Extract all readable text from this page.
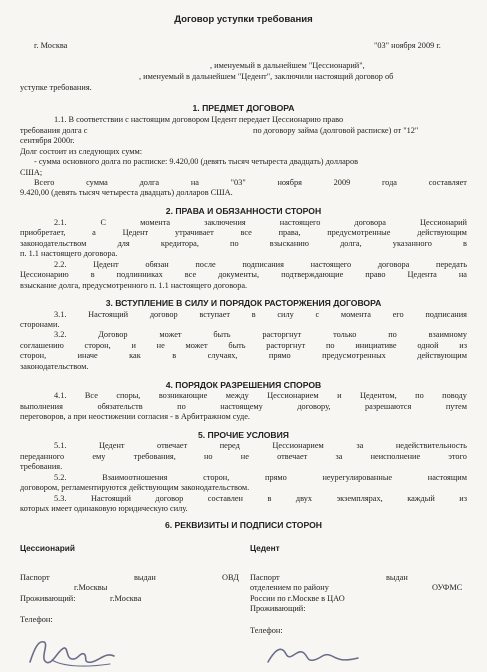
Договор уступки требования
г. Москва	"03" ноября 2009 г.
, именуемый в дальнейшем "Цессионарий",
, именуемый в дальнейшем "Цедент", заключили настоящий договор об
уступке требования.
1. ПРЕДМЕТ ДОГОВОРА
1.1. В соответствии с настоящим договором Цедент передает Цессионарию право
требования долга с	по договору займа (долговой расписке) от "12"
сентября 2000г.
Долг состоит из следующих сумм:
- сумма основного долга по расписке: 9.420,00 (девять тысяч четыреста двадцать) долларов
США;
Всего	сумма	долга	на	"03"	ноября	2009	года	составляет
9.420,00 (девять тысяч четыреста двадцать) долларов США.
2. ПРАВА И ОБЯЗАННОСТИ СТОРОН
2.1.	С	момента	заключения	настоящего	договора	Цессионарий
приобретает,	а	Цедент	утрачивает	все	права,	предусмотренные	действующим
законодательством	для	кредитора,	по	взысканию	долга,	указанного	в
п. 1.1 настоящего договора.
2.2.	Цедент	обязан	после	подписания	настоящего	договора	передать
Цессионарию	в	подлинниках	все	документы,	подтверждающие	право	Цедента	на
взыскание долга, предусмотренного п. 1.1 настоящего договора.
3. ВСТУПЛЕНИЕ В СИЛУ И ПОРЯДОК РАСТОРЖЕНИЯ ДОГОВОРА
3.1.	Настоящий	договор	вступает	в	силу	с	момента	его	подписания
сторонами.
3.2.	Договор	может	быть	расторгнут	только	по	взаимному
соглашению сторон, и не может быть расторгнут по инициативе одной из
сторон,	иначе	как	в	случаях,	прямо	предусмотренных	действующим
законодательством.
4. ПОРЯДОК РАЗРЕШЕНИЯ СПОРОВ
4.1. Все споры, возникающие между Цессионарием и Цедентом, по поводу
выполнения	обязательств	по	настоящему	договору,	разрешаются	путем
переговоров, а при неостижении согласия - в Арбитражном суде.
5. ПРОЧИЕ УСЛОВИЯ
5.1.	Цедент	отвечает	перед	Цессионарием	за	недействительность
переданного	ему	требования,	но	не	отвечает	за	неисполнение	этого
требования.
5.2.	Взаимоотношения	сторон,	прямо	неурегулированные	настоящим
договором, регламентируются действующим законодательством.
5.3.	Настоящий	договор	составлен	в	двух	экземплярах,	каждый	из
которых имеет одинаковую юридическую силу.
6. РЕКВИЗИТЫ И ПОДПИСИ СТОРОН
Цессионарий
Паспорт	выдан	ОВД
г.Москвы
Проживающий:	г.Москва
Телефон:
Цедент
Паспорт	выдан
отделением по району	ОУФМС
России по г.Москве в ЦАО
Проживающий:
Телефон:
